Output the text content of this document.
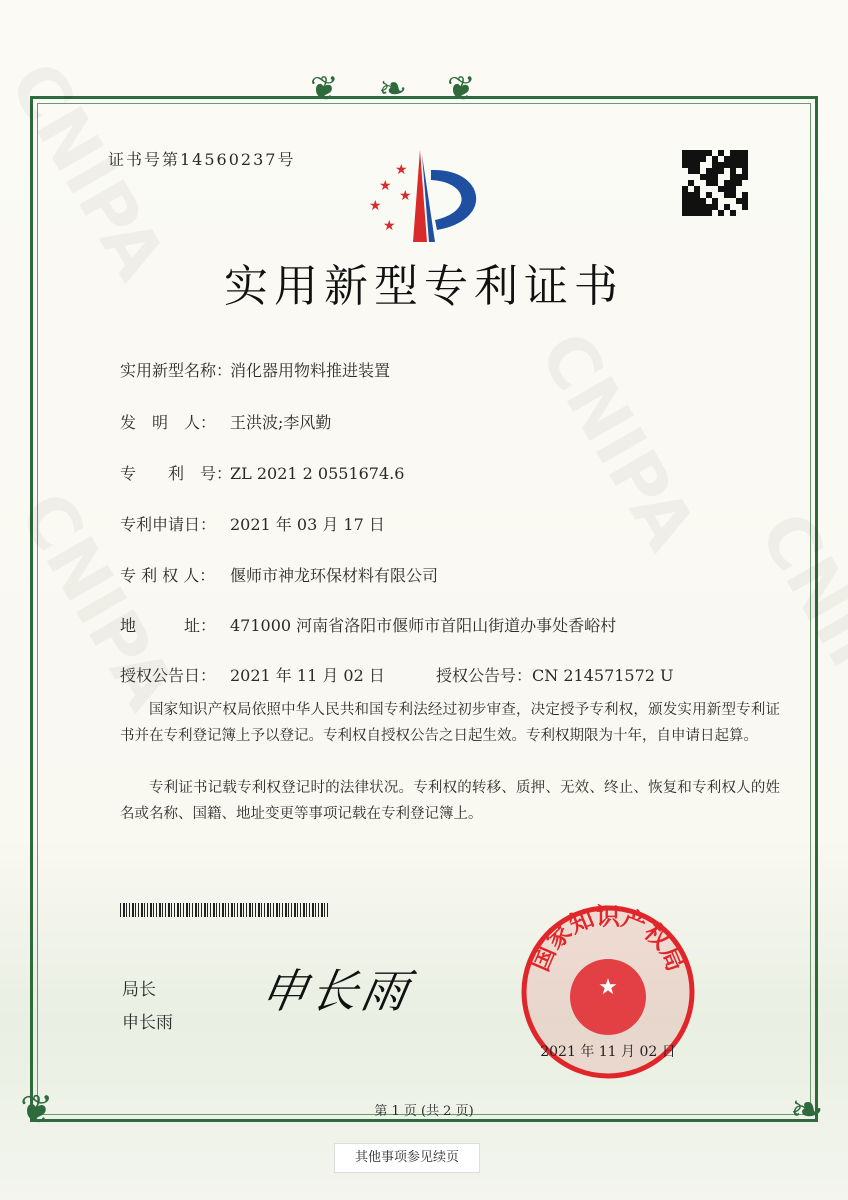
❦❧❦
❦	❧
证书号第14560237号
★
★
★
★
★
实用新型专利证书
实用新型名称：消化器用物料推进装置
发　明　人： 王洪波;李风勤
专　　利　号：ZL 2021 2 0551674.6
专利申请日： 2021 年 03 月 17 日
专 利 权 人： 偃师市神龙环保材料有限公司
地　　　址： 471000 河南省洛阳市偃师市首阳山街道办事处香峪村
授权公告日： 2021 年 11 月 02 日	授权公告号：CN 214571572 U
国家知识产权局依照中华人民共和国专利法经过初步审查，决定授予专利权，颁发实用新型专利证书并在专利登记簿上予以登记。专利权自授权公告之日起生效。专利权期限为十年，自申请日起算。
专利证书记载专利权登记时的法律状况。专利权的转移、质押、无效、终止、恢复和专利权人的姓名或名称、国籍、地址变更等事项记载在专利登记簿上。
局长
申长雨
申长雨	★
国家知识产权局
2021 年 11 月 02 日
第 1 页 (共 2 页)
其他事项参见续页
